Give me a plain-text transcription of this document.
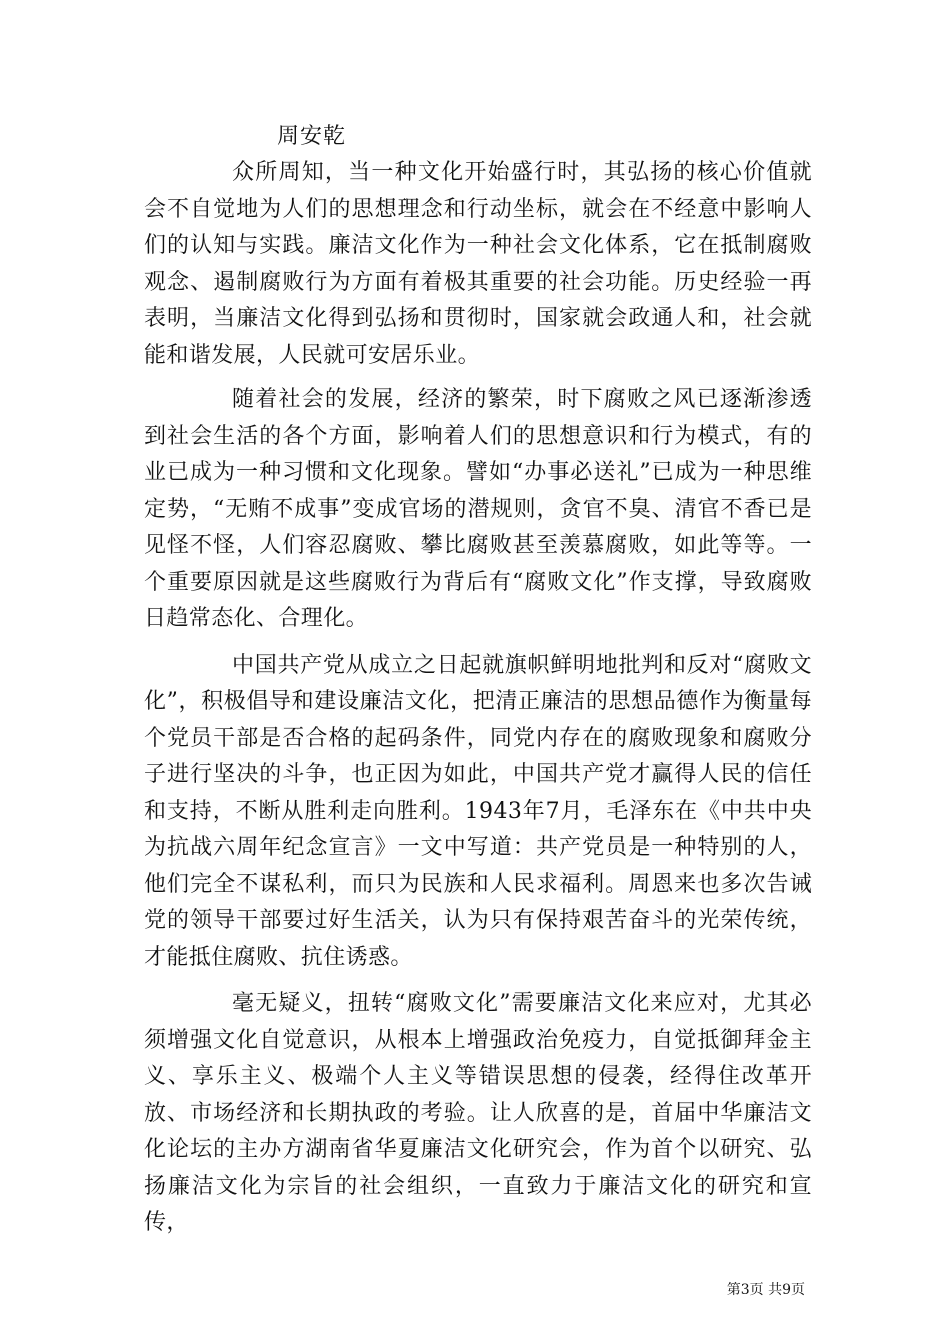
周安乾

众所周知，当一种文化开始盛行时，其弘扬的核心价值就会不自觉地为人们的思想理念和行动坐标，就会在不经意中影响人们的认知与实践。廉洁文化作为一种社会文化体系，它在抵制腐败观念、遏制腐败行为方面有着极其重要的社会功能。历史经验一再表明，当廉洁文化得到弘扬和贯彻时，国家就会政通人和，社会就能和谐发展，人民就可安居乐业。

随着社会的发展，经济的繁荣，时下腐败之风已逐渐渗透到社会生活的各个方面，影响着人们的思想意识和行为模式，有的业已成为一种习惯和文化现象。譬如“办事必送礼”已成为一种思维定势，“无贿不成事”变成官场的潜规则，贪官不臭、清官不香已是见怪不怪，人们容忍腐败、攀比腐败甚至羡慕腐败，如此等等。一个重要原因就是这些腐败行为背后有“腐败文化”作支撑，导致腐败日趋常态化、合理化。

中国共产党从成立之日起就旗帜鲜明地批判和反对“腐败文化”，积极倡导和建设廉洁文化，把清正廉洁的思想品德作为衡量每个党员干部是否合格的起码条件，同党内存在的腐败现象和腐败分子进行坚决的斗争，也正因为如此，中国共产党才赢得人民的信任和支持，不断从胜利走向胜利。1943年7月，毛泽东在《中共中央为抗战六周年纪念宣言》一文中写道：共产党员是一种特别的人，他们完全不谋私利，而只为民族和人民求福利。周恩来也多次告诫党的领导干部要过好生活关，认为只有保持艰苦奋斗的光荣传统，才能抵住腐败、抗住诱惑。

毫无疑义，扭转“腐败文化”需要廉洁文化来应对，尤其必须增强文化自觉意识，从根本上增强政治免疫力，自觉抵御拜金主义、享乐主义、极端个人主义等错误思想的侵袭，经得住改革开放、市场经济和长期执政的考验。让人欣喜的是，首届中华廉洁文化论坛的主办方湖南省华夏廉洁文化研究会，作为首个以研究、弘扬廉洁文化为宗旨的社会组织，一直致力于廉洁文化的研究和宣传，

第3页 共9页
